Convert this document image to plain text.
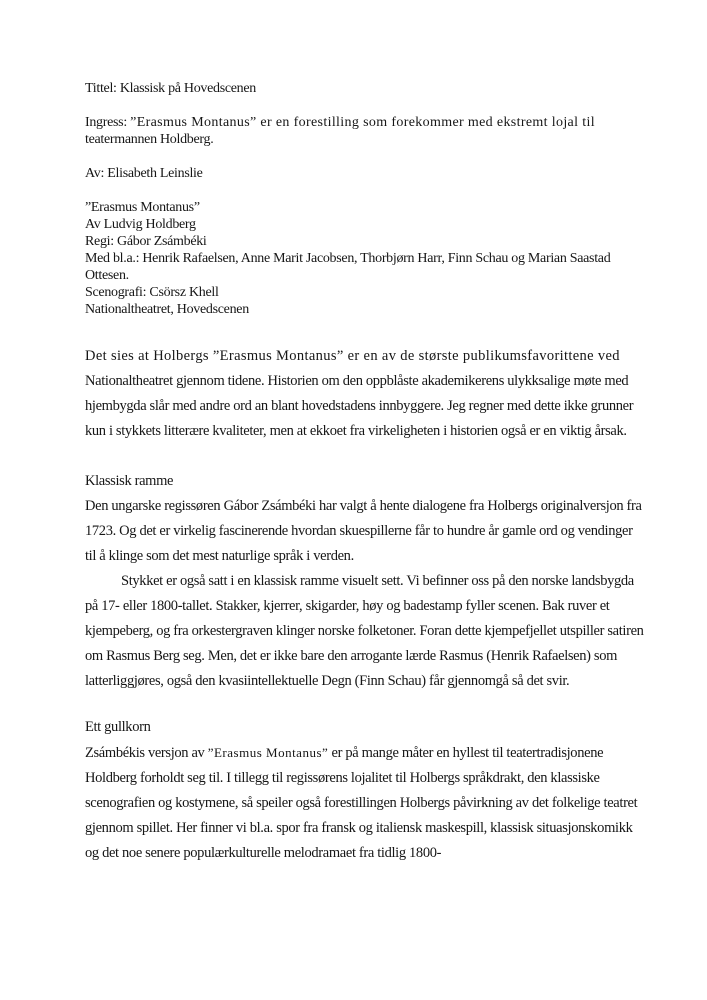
Tittel: Klassisk på Hovedscenen

Ingress: ”Erasmus Montanus” er en forestilling som forekommer med ekstremt lojal til teatermannen Holdberg.

Av: Elisabeth Leinslie

”Erasmus Montanus”

Av Ludvig Holdberg

Regi: Gábor Zsámbéki

Med bl.a.: Henrik Rafaelsen, Anne Marit Jacobsen, Thorbjørn Harr, Finn Schau og Marian Saastad Ottesen.

Scenografi: Csörsz Khell

Nationaltheatret, Hovedscenen

Det sies at Holbergs ”Erasmus Montanus” er en av de største publikumsfavorittene ved Nationaltheatret gjennom tidene. Historien om den oppblåste akademikerens ulykksalige møte med hjembygda slår med andre ord an blant hovedstadens innbyggere. Jeg regner med dette ikke grunner kun i stykkets litterære kvaliteter, men at ekkoet fra virkeligheten i historien også er en viktig årsak.

Klassisk ramme

Den ungarske regissøren Gábor Zsámbéki har valgt å hente dialogene fra Holbergs originalversjon fra 1723. Og det er virkelig fascinerende hvordan skuespillerne får to hundre år gamle ord og vendinger til å klinge som det mest naturlige språk i verden.

Stykket er også satt i en klassisk ramme visuelt sett. Vi befinner oss på den norske landsbygda på 17- eller 1800-tallet. Stakker, kjerrer, skigarder, høy og badestamp fyller scenen. Bak ruver et kjempeberg, og fra orkestergraven klinger norske folketoner. Foran dette kjempefjellet utspiller satiren om Rasmus Berg seg. Men, det er ikke bare den arrogante lærde Rasmus (Henrik Rafaelsen) som latterliggjøres, også den kvasiintellektuelle Degn (Finn Schau) får gjennomgå så det svir.

Ett gullkorn

Zsámbékis versjon av ”Erasmus Montanus” er på mange måter en hyllest til teatertradisjonene Holdberg forholdt seg til. I tillegg til regissørens lojalitet til Holbergs språkdrakt, den klassiske scenografien og kostymene, så speiler også forestillingen Holbergs påvirkning av det folkelige teatret gjennom spillet. Her finner vi bl.a. spor fra fransk og italiensk maskespill, klassisk situasjonskomikk og det noe senere populærkulturelle melodramaet fra tidlig 1800-
